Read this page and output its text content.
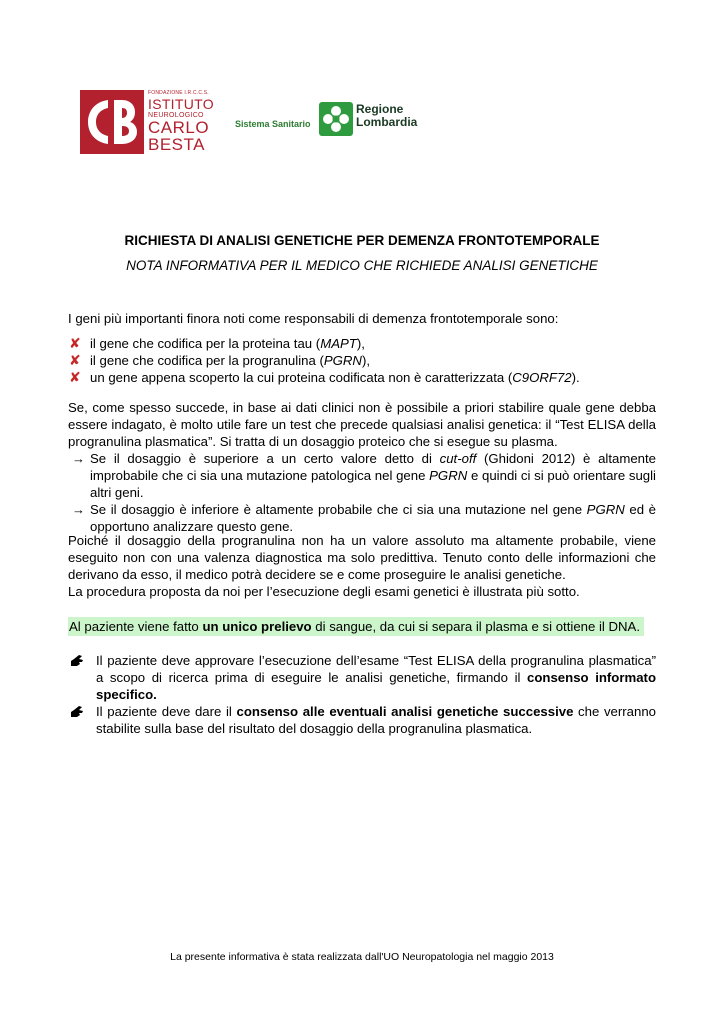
FONDAZIONE I.R.C.C.S.
ISTITUTO
NEUROLOGICO
CARLO
BESTA
Sistema Sanitario
Regione
Lombardia
RICHIESTA DI ANALISI GENETICHE PER DEMENZA FRONTOTEMPORALE
NOTA INFORMATIVA PER IL MEDICO CHE RICHIEDE ANALISI GENETICHE
I geni più importanti finora noti come responsabili di demenza frontotemporale sono:
✘ il gene che codifica per la proteina tau (MAPT),
✘ il gene che codifica per la progranulina (PGRN),
✘ un gene appena scoperto la cui proteina codificata non è caratterizzata (C9ORF72).
Se, come spesso succede, in base ai dati clinici non è possibile a priori stabilire quale gene debba essere indagato, è molto utile fare un test che precede qualsiasi analisi genetica: il “Test ELISA della progranulina plasmatica”. Si tratta di un dosaggio proteico che si esegue su plasma.
→ Se il dosaggio è superiore a un certo valore detto di cut-off (Ghidoni 2012) è altamente improbabile che ci sia una mutazione patologica nel gene PGRN e quindi ci si può orientare sugli altri geni.
→ Se il dosaggio è inferiore è altamente probabile che ci sia una mutazione nel gene PGRN ed è opportuno analizzare questo gene.
Poiché il dosaggio della progranulina non ha un valore assoluto ma altamente probabile, viene eseguito non con una valenza diagnostica ma solo predittiva. Tenuto conto delle informazioni che derivano da esso, il medico potrà decidere se e come proseguire le analisi genetiche.
La procedura proposta da noi per l’esecuzione degli esami genetici è illustrata più sotto.
Al paziente viene fatto un unico prelievo di sangue, da cui si separa il plasma e si ottiene il DNA.
Il paziente deve approvare l’esecuzione dell’esame “Test ELISA della progranulina plasmatica” a scopo di ricerca prima di eseguire le analisi genetiche, firmando il consenso informato specifico.
Il paziente deve dare il consenso alle eventuali analisi genetiche successive che verranno stabilite sulla base del risultato del dosaggio della progranulina plasmatica.
La presente informativa è stata realizzata dall'UO Neuropatologia nel maggio 2013
